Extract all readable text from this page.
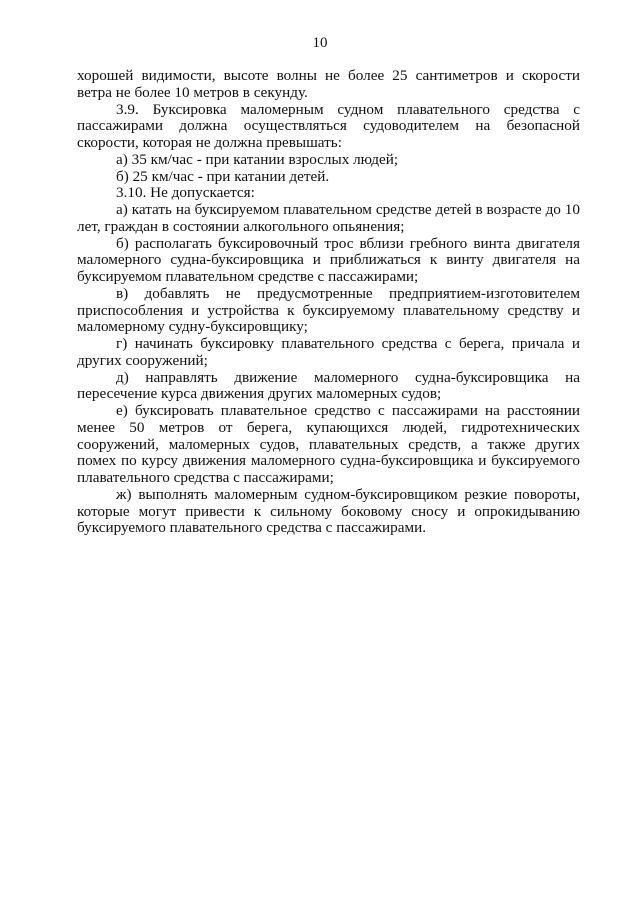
10

хорошей видимости, высоте волны не более 25 сантиметров и скорости ветра не более 10 метров в секунду.

3.9. Буксировка маломерным судном плавательного средства с пассажирами должна осуществляться судоводителем на безопасной скорости, которая не должна превышать:

а) 35 км/час - при катании взрослых людей;

б) 25 км/час - при катании детей.

3.10. Не допускается:

а) катать на буксируемом плавательном средстве детей в возрасте до 10 лет, граждан в состоянии алкогольного опьянения;

б) располагать буксировочный трос вблизи гребного винта двигателя маломерного судна-буксировщика и приближаться к винту двигателя на буксируемом плавательном средстве с пассажирами;

в) добавлять не предусмотренные предприятием-изготовителем приспособления и устройства к буксируемому плавательному средству и маломерному судну-буксировщику;

г) начинать буксировку плавательного средства с берега, причала и других сооружений;

д) направлять движение маломерного судна-буксировщика на пересечение курса движения других маломерных судов;

е) буксировать плавательное средство с пассажирами на расстоянии менее 50 метров от берега, купающихся людей, гидротехнических сооружений, маломерных судов, плавательных средств, а также других помех по курсу движения маломерного судна-буксировщика и буксируемого плавательного средства с пассажирами;

ж) выполнять маломерным судном-буксировщиком резкие повороты, которые могут привести к сильному боковому сносу и опрокидыванию буксируемого плавательного средства с пассажирами.
